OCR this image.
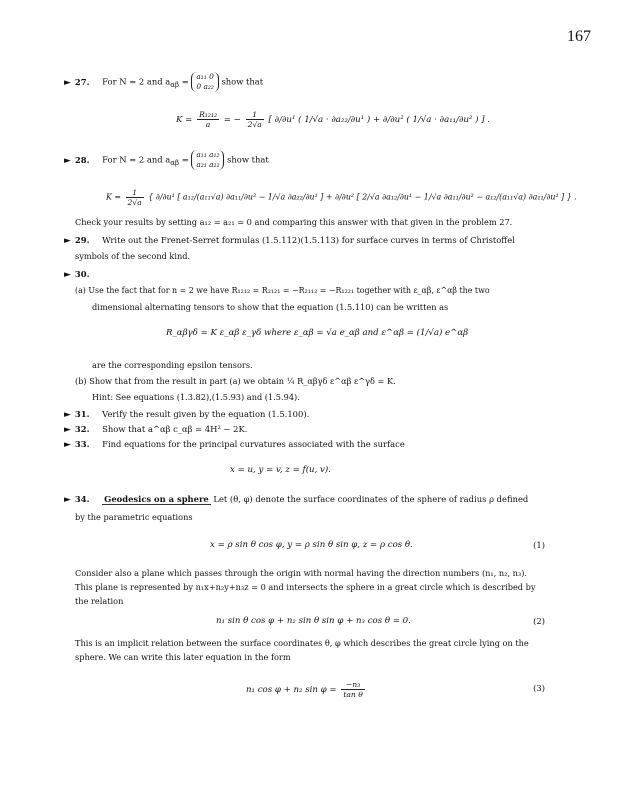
167
► 27. For N = 2 and $a_{\alpha\beta} = a_{11}$ 0
0 a₂₂ show that
$K = \frac{\text{R₁₂₁₂}}{a}$ = − $\frac{1}{2√a}$ [ ∂/∂u¹ ( 1/√a · ∂a₂₂/∂u¹ ) + ∂/∂u² ( 1/√a · ∂a₁₁/∂u² ) ] .
► 28. For N = 2 and $a_{\alpha\beta} = a_{11}$ a₁₂
a₂₁ a₂₂ show that
$K = \frac{1}{2√a}$ { ∂/∂u¹ [ a₁₂/(a₁₁√a) ∂a₁₁/∂u² − 1/√a ∂a₂₂/∂u¹ ] + ∂/∂u² [ 2/√a ∂a₁₂/∂u¹ − 1/√a ∂a₁₁/∂u² − a₁₂/(a₁₁√a) ∂a₁₁/∂u¹ ] } .
Check your results by setting a₁₂ = a₂₁ = 0 and comparing this answer with that given in the problem 27.
► 29. Write out the Frenet-Serret formulas (1.5.112)(1.5.113) for surface curves in terms of Christoffel
symbols of the second kind.
► 30.
(a) Use the fact that for n = 2 we have R₁₂₁₂ = R₂₁₂₁ = −R₂₁₁₂ = −R₁₂₂₁ together with ε_αβ, ε^αβ the two
dimensional alternating tensors to show that the equation (1.5.110) can be written as
R_αβγδ = K ε_αβ ε_γδ where ε_αβ = √a e_αβ and ε^αβ = (1/√a) e^αβ
are the corresponding epsilon tensors.
(b) Show that from the result in part (a) we obtain ¼ R_αβγδ ε^αβ ε^γδ = K.
Hint: See equations (1.3.82),(1.5.93) and (1.5.94).
► 31. Verify the result given by the equation (1.5.100).
► 32. Show that a^αβ c_αβ = 4H² − 2K.
► 33. Find equations for the principal curvatures associated with the surface
x = u, y = v, z = f(u, v).
► 34. Geodesics on a sphere Let (θ, φ) denote the surface coordinates of the sphere of radius ρ defined
by the parametric equations
x = ρ sin θ cos φ, y = ρ sin θ sin φ, z = ρ cos θ.	(1)
Consider also a plane which passes through the origin with normal having the direction numbers (n₁, n₂, n₃). This plane is represented by n₁x+n₂y+n₃z = 0 and intersects the sphere in a great circle which is described by the relation
n₁ sin θ cos φ + n₂ sin θ sin φ + n₃ cos θ = 0.	(2)
This is an implicit relation between the surface coordinates θ, φ which describes the great circle lying on the sphere. We can write this later equation in the form
n₁ cos φ + n₂ $\sin \varphi = \frac{\text{−n₃}}{\text{tan θ}}$	(3)
